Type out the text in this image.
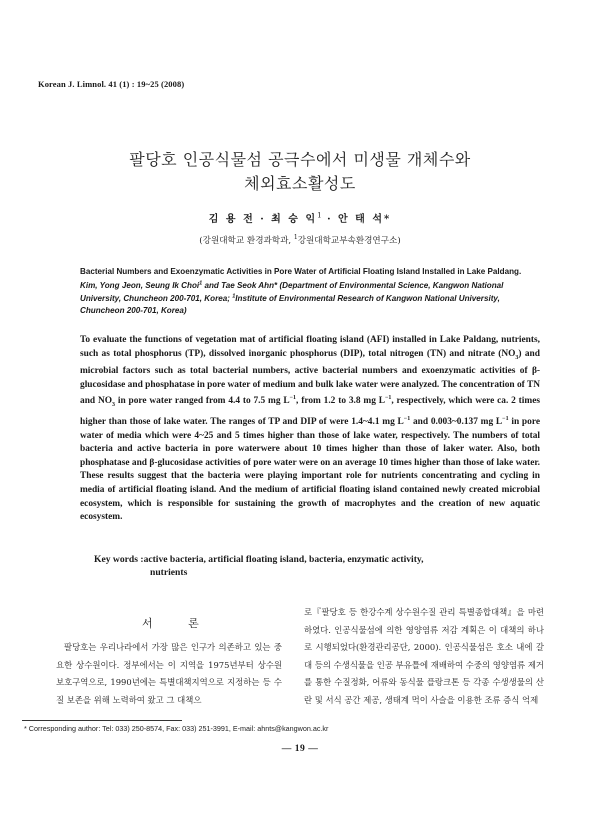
Korean J. Limnol. 41 (1) : 19~25 (2008)
팔당호 인공식물섬 공극수에서 미생물 개체수와
체외효소활성도
김 용 전 · 최 승 익$^1$ · 안 태 석*
(강원대학교 환경과학과, $^1$강원대학교부속환경연구소)
Bacterial Numbers and Exoenzymatic Activities in Pore Water of Artificial Floating Island Installed in Lake Paldang. Kim, Yong Jeon, Seung Ik Choi$^1$ and Tae Seok Ahn* (Department of Environmental Science, Kangwon National University, Chuncheon 200-701, Korea; $^1$Institute of Environmental Research of Kangwon National University, Chuncheon 200-701, Korea)
To evaluate the functions of vegetation mat of artificial floating island (AFI) installed in Lake Paldang, nutrients, such as total phosphorus (TP), dissolved inorganic phosphorus (DIP), total nitrogen (TN) and nitrate $(NO_3)$ and microbial factors such as total bacterial numbers, active bacterial numbers and exoenzymatic activities of β-glucosidase and phosphatase in pore water of medium and bulk lake water were analyzed. The concentration of TN and $NO_3$ in pore water ranged from 4.4 to 7.5 mg $L^{-1}$, from 1.2 to 3.8 mg $L^{-1}$, respectively, which were ca. 2 times higher than those of lake water. The ranges of TP and DIP of were 1.4~4.1 mg $L^{-1}$ and 0.003~0.137 mg $L^{-1}$ in pore water of media which were 4~25 and 5 times higher than those of lake water, respectively. The numbers of total bacteria and active bacteria in pore waterwere about 10 times higher than those of laker water. Also, both phosphatase and β-glucosidase activities of pore water were on an average 10 times higher than those of lake water. These results suggest that the bacteria were playing important role for nutrients concentrating and cycling in media of artificial floating island. And the medium of artificial floating island contained newly created microbial ecosystem, which is responsible for sustaining the growth of macrophytes and the creation of new aquatic ecosystem.
Key words :active bacteria, artificial floating island, bacteria, enzymatic activity,
nutrients
서 론

팔당호는 우리나라에서 가장 많은 인구가 의존하고 있는 중요한 상수원이다. 정부에서는 이 지역을 1975년부터 상수원보호구역으로, 1990년에는 특별대책지역으로 지정하는 등 수질 보존을 위해 노력하여 왔고 그 대책으

로『팔당호 등 한강수계 상수원수질 관리 특별종합대책』을 마련하였다. 인공식물섬에 의한 영양염류 저감 계획은 이 대책의 하나로 시행되었다(환경관리공단, 2000). 인공식물섬은 호소 내에 갈대 등의 수생식물을 인공 부유틀에 재배하여 수중의 영양염류 제거를 통한 수질정화, 어류와 동식물 플랑크톤 등 각종 수생생물의 산란 및 서식 공간 제공, 생태계 먹이 사슬을 이용한 조류 증식 억제

* Corresponding author: Tel: 033) 250-8574, Fax: 033) 251-3991, E-mail: ahnts@kangwon.ac.kr
— 19 —
